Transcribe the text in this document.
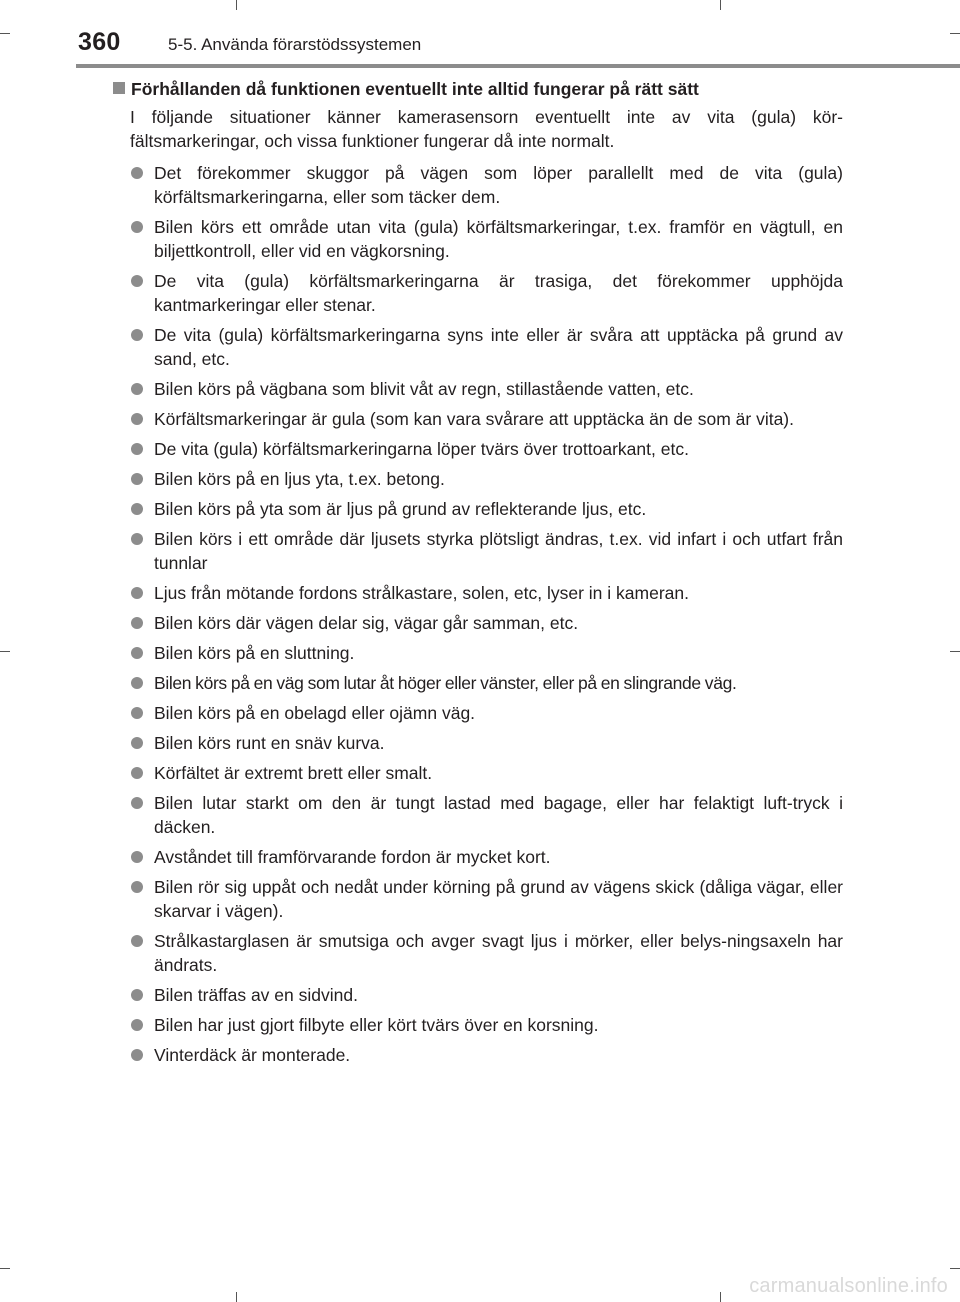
360	5-5. Använda förarstödssystemen
Förhållanden då funktionen eventuellt inte alltid fungerar på rätt sätt

I följande situationer känner kamerasensorn eventuellt inte av vita (gula) kör-fältsmarkeringar, och vissa funktioner fungerar då inte normalt.

Det förekommer skuggor på vägen som löper parallellt med de vita (gula) körfältsmarkeringarna, eller som täcker dem.
Bilen körs ett område utan vita (gula) körfältsmarkeringar, t.ex. framför en vägtull, en biljettkontroll, eller vid en vägkorsning.
De vita (gula) körfältsmarkeringarna är trasiga, det förekommer upphöjda kantmarkeringar eller stenar.
De vita (gula) körfältsmarkeringarna syns inte eller är svåra att upptäcka på grund av sand, etc.
Bilen körs på vägbana som blivit våt av regn, stillastående vatten, etc.
Körfältsmarkeringar är gula (som kan vara svårare att upptäcka än de som är vita).
De vita (gula) körfältsmarkeringarna löper tvärs över trottoarkant, etc.
Bilen körs på en ljus yta, t.ex. betong.
Bilen körs på yta som är ljus på grund av reflekterande ljus, etc.
Bilen körs i ett område där ljusets styrka plötsligt ändras, t.ex. vid infart i och utfart från tunnlar
Ljus från mötande fordons strålkastare, solen, etc, lyser in i kameran.
Bilen körs där vägen delar sig, vägar går samman, etc.
Bilen körs på en sluttning.
Bilen körs på en väg som lutar åt höger eller vänster, eller på en slingrande väg.
Bilen körs på en obelagd eller ojämn väg.
Bilen körs runt en snäv kurva.
Körfältet är extremt brett eller smalt.
Bilen lutar starkt om den är tungt lastad med bagage, eller har felaktigt luft-tryck i däcken.
Avståndet till framförvarande fordon är mycket kort.
Bilen rör sig uppåt och nedåt under körning på grund av vägens skick (dåliga vägar, eller skarvar i vägen).
Strålkastarglasen är smutsiga och avger svagt ljus i mörker, eller belys-ningsaxeln har ändrats.
Bilen träffas av en sidvind.
Bilen har just gjort filbyte eller kört tvärs över en korsning.
Vinterdäck är monterade.
carmanualsonline.info
